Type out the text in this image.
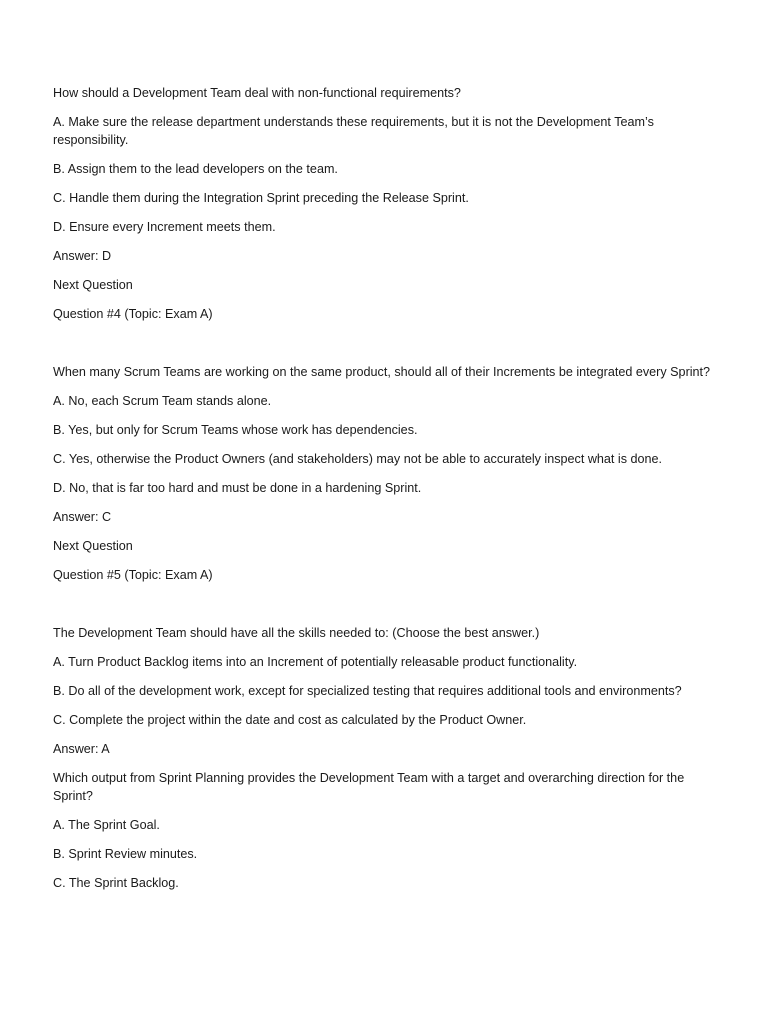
How should a Development Team deal with non-functional requirements?

A. Make sure the release department understands these requirements, but it is not the Development Team’s responsibility.

B. Assign them to the lead developers on the team.

C. Handle them during the Integration Sprint preceding the Release Sprint.

D. Ensure every Increment meets them.

Answer: D

Next Question

Question #4 (Topic: Exam A)

When many Scrum Teams are working on the same product, should all of their Increments be integrated every Sprint?

A. No, each Scrum Team stands alone.

B. Yes, but only for Scrum Teams whose work has dependencies.

C. Yes, otherwise the Product Owners (and stakeholders) may not be able to accurately inspect what is done.

D. No, that is far too hard and must be done in a hardening Sprint.

Answer: C

Next Question

Question #5 (Topic: Exam A)

The Development Team should have all the skills needed to: (Choose the best answer.)

A. Turn Product Backlog items into an Increment of potentially releasable product functionality.

B. Do all of the development work, except for specialized testing that requires additional tools and environments?

C. Complete the project within the date and cost as calculated by the Product Owner.

Answer: A

Which output from Sprint Planning provides the Development Team with a target and overarching direction for the Sprint?

A. The Sprint Goal.

B. Sprint Review minutes.

C. The Sprint Backlog.
